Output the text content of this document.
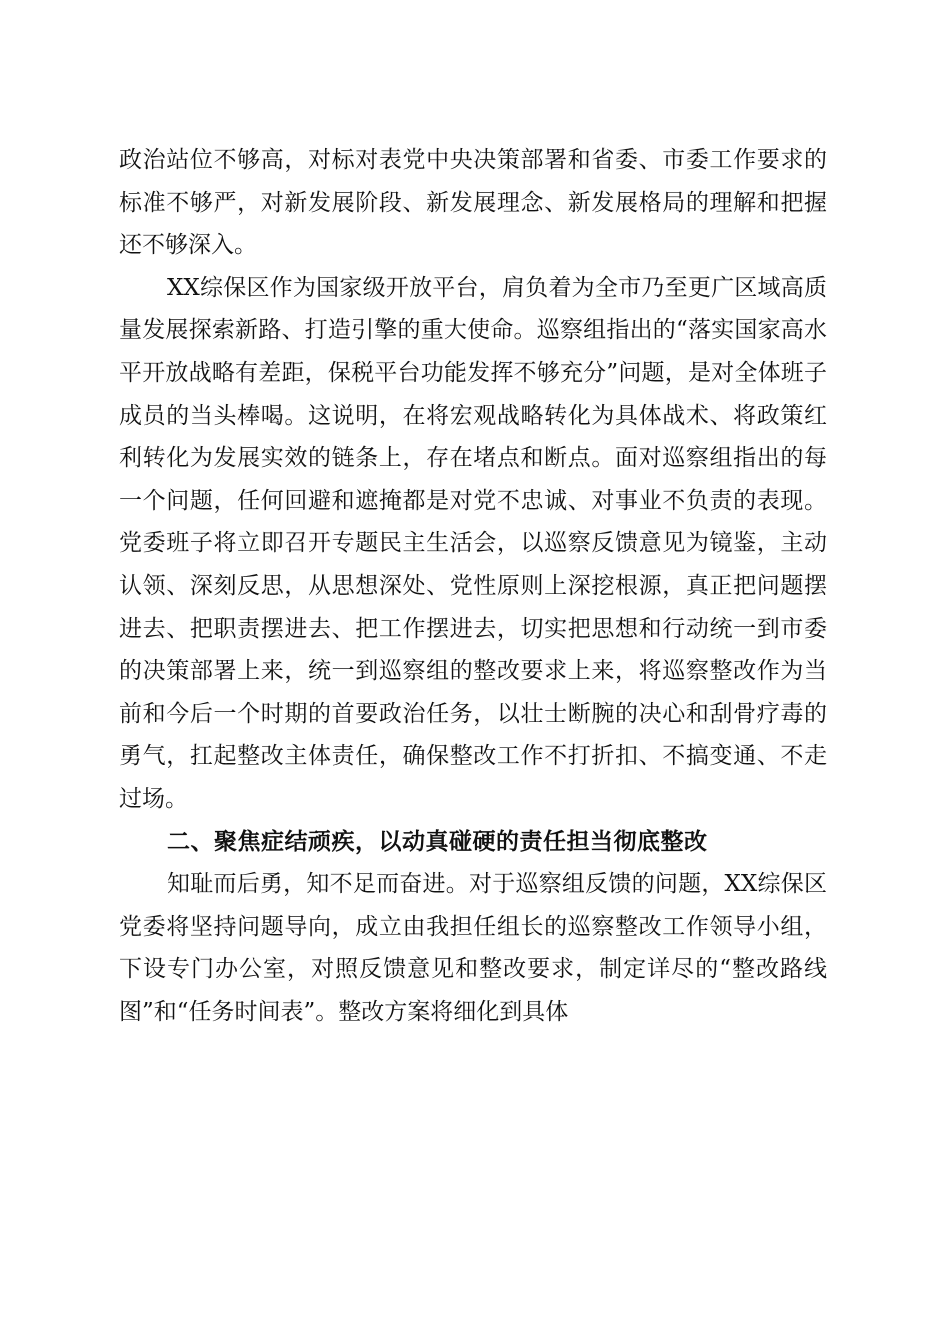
政治站位不够高，对标对表党中央决策部署和省委、市委工作要求的标准不够严，对新发展阶段、新发展理念、新发展格局的理解和把握还不够深入。

XX综保区作为国家级开放平台，肩负着为全市乃至更广区域高质量发展探索新路、打造引擎的重大使命。巡察组指出的“落实国家高水平开放战略有差距，保税平台功能发挥不够充分”问题，是对全体班子成员的当头棒喝。这说明，在将宏观战略转化为具体战术、将政策红利转化为发展实效的链条上，存在堵点和断点。面对巡察组指出的每一个问题，任何回避和遮掩都是对党不忠诚、对事业不负责的表现。党委班子将立即召开专题民主生活会，以巡察反馈意见为镜鉴，主动认领、深刻反思，从思想深处、党性原则上深挖根源，真正把问题摆进去、把职责摆进去、把工作摆进去，切实把思想和行动统一到市委的决策部署上来，统一到巡察组的整改要求上来，将巡察整改作为当前和今后一个时期的首要政治任务，以壮士断腕的决心和刮骨疗毒的勇气，扛起整改主体责任，确保整改工作不打折扣、不搞变通、不走过场。

二、聚焦症结顽疾，以动真碰硬的责任担当彻底整改

知耻而后勇，知不足而奋进。对于巡察组反馈的问题，XX综保区党委将坚持问题导向，成立由我担任组长的巡察整改工作领导小组，下设专门办公室，对照反馈意见和整改要求，制定详尽的“整改路线图”和“任务时间表”。整改方案将细化到具体
